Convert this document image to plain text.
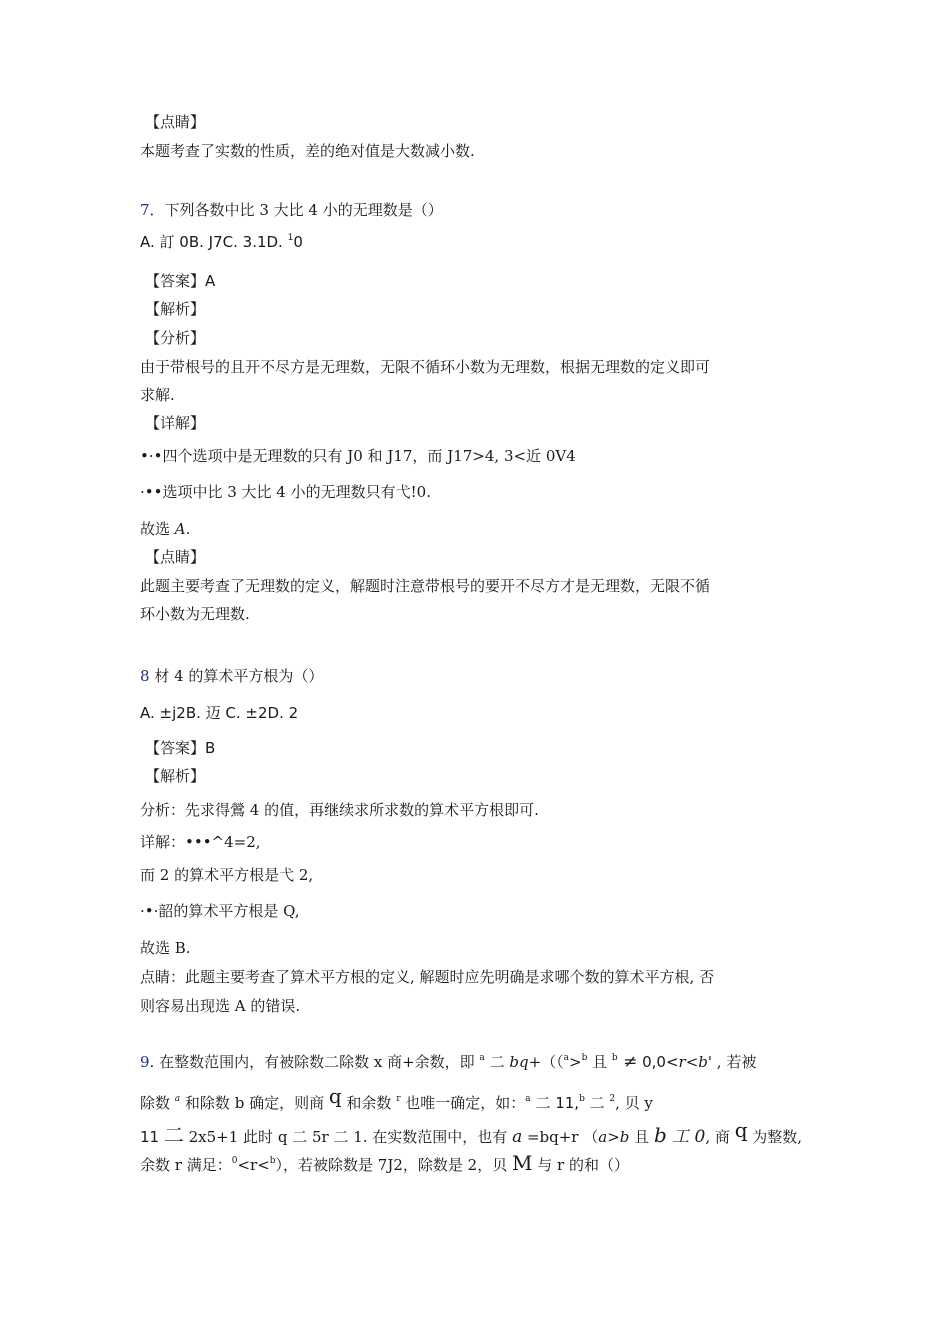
【点睛】
本题考查了实数的性质，差的绝对值是大数减小数.
7．下列各数中比 3 大比 4 小的无理数是（）
A. 訂 0B. J7C. 3.1D. $^1$0
【答案】A
【解析】
【分析】
由于带根号的且开不尽方是无理数，无限不循环小数为无理数，根据无理数的定义即可
求解.
【详解】
•·•四个选项中是无理数的只有 J0 和 J17，而 J17>4, 3<近 0V4
·••选项中比 3 大比 4 小的无理数只有弋!0.
故选 A.
【点睛】
此题主要考查了无理数的定义，解题时注意带根号的要开不尽方才是无理数，无限不循
环小数为无理数.
8 材 4 的算术平方根为（）
A. ±j2B. 迈 C. ±2D. 2
【答案】B
【解析】
分析：先求得鶯 4 的值，再继续求所求数的算术平方根即可.
详解：•••^4=2,
而 2 的算术平方根是弋 2,
·•·韶的算术平方根是 Q,
故选 B.
点睛：此题主要考查了算术平方根的定义, 解题时应先明确是求哪个数的算术平方根, 否
则容易出现选 A 的错误.
9. 在整数范围内，有被除数二除数 x 商+余数，即 $^a$ 二 bq+（（$^a$>$^b$ 且 $^b$ ≠ 0,0<r<b' , 若被
除数 $^a$ 和除数 b 确定，则商 q 和余数 $^r$ 也唯一确定，如：$^a$ 二 11,$^b$ 二 $^2$, 贝 y
11 二 2x5+1 此时 q 二 5r 二 1. 在实数范围中，也有 a =bq+r （a>b 且 b 工 0, 商 q 为整数,
余数 r 满足：$^0$<r<$^b$），若被除数是 7J2，除数是 2，贝 M 与 r 的和（）
